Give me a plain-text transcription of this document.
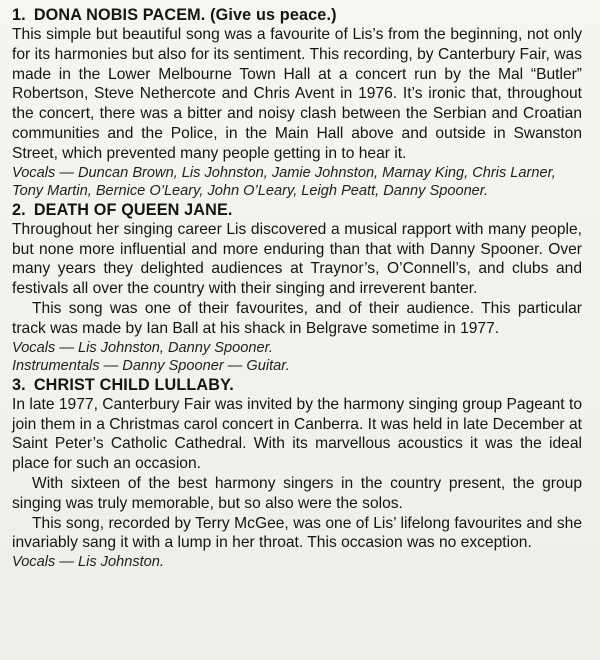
1. DONA NOBIS PACEM. (Give us peace.)

This simple but beautiful song was a favourite of Lis’s from the beginning, not only for its harmonies but also for its sentiment. This recording, by Canterbury Fair, was made in the Lower Melbourne Town Hall at a concert run by the Mal “Butler” Robertson, Steve Nethercote and Chris Avent in 1976. It’s ironic that, throughout the concert, there was a bitter and noisy clash between the Serbian and Croatian communities and the Police, in the Main Hall above and outside in Swanston Street, which prevented many people getting in to hear it.

Vocals — Duncan Brown, Lis Johnston, Jamie Johnston, Marnay King, Chris Larner, Tony Martin, Bernice O’Leary, John O’Leary, Leigh Peatt, Danny Spooner.

2. DEATH OF QUEEN JANE.

Throughout her singing career Lis discovered a musical rapport with many people, but none more influential and more enduring than that with Danny Spooner. Over many years they delighted audiences at Traynor’s, O’Connell’s, and clubs and festivals all over the country with their singing and irreverent banter.

This song was one of their favourites, and of their audience. This particular track was made by Ian Ball at his shack in Belgrave sometime in 1977.

Vocals — Lis Johnston, Danny Spooner.

Instrumentals — Danny Spooner — Guitar.

3. CHRIST CHILD LULLABY.

In late 1977, Canterbury Fair was invited by the harmony singing group Pageant to join them in a Christmas carol concert in Canberra. It was held in late December at Saint Peter’s Catholic Cathedral. With its marvellous acoustics it was the ideal place for such an occasion.

With sixteen of the best harmony singers in the country present, the group singing was truly memorable, but so also were the solos.

This song, recorded by Terry McGee, was one of Lis’ lifelong favourites and she invariably sang it with a lump in her throat. This occasion was no exception.

Vocals — Lis Johnston.
